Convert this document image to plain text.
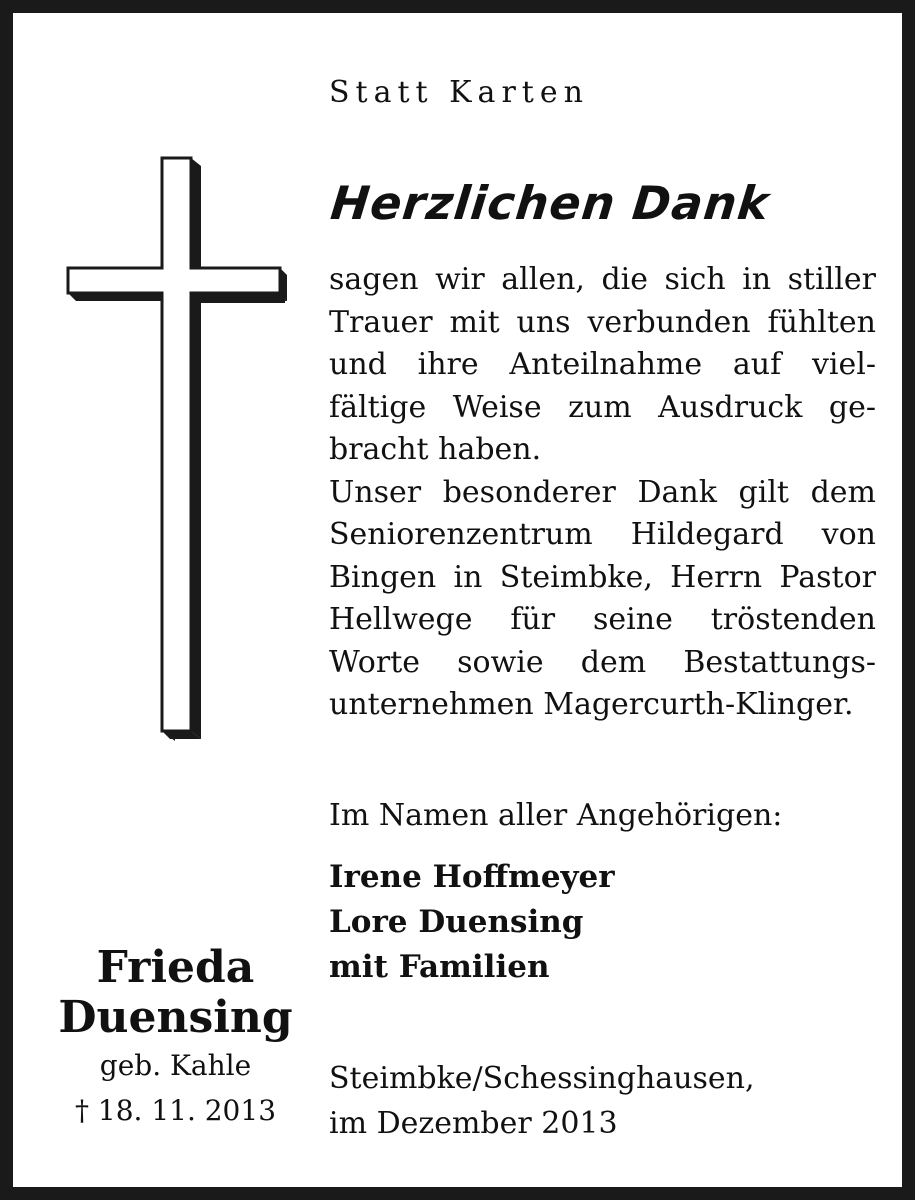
Statt Karten
Herzlichen Dank
sagen wir allen, die sich in stiller
Trauer mit uns verbunden fühlten
und ihre Anteilnahme auf viel-
fältige Weise zum Ausdruck ge-
bracht haben.
Unser besonderer Dank gilt dem
Seniorenzentrum Hildegard von
Bingen in Steimbke, Herrn Pastor
Hellwege für seine tröstenden
Worte sowie dem Bestattungs-
unternehmen Magercurth-Klinger.
Im Namen aller Angehörigen:
Irene Hoffmeyer
Lore Duensing
mit Familien
Steimbke/Schessinghausen,
im Dezember 2013
Frieda
Duensing
geb. Kahle
† 18. 11. 2013
